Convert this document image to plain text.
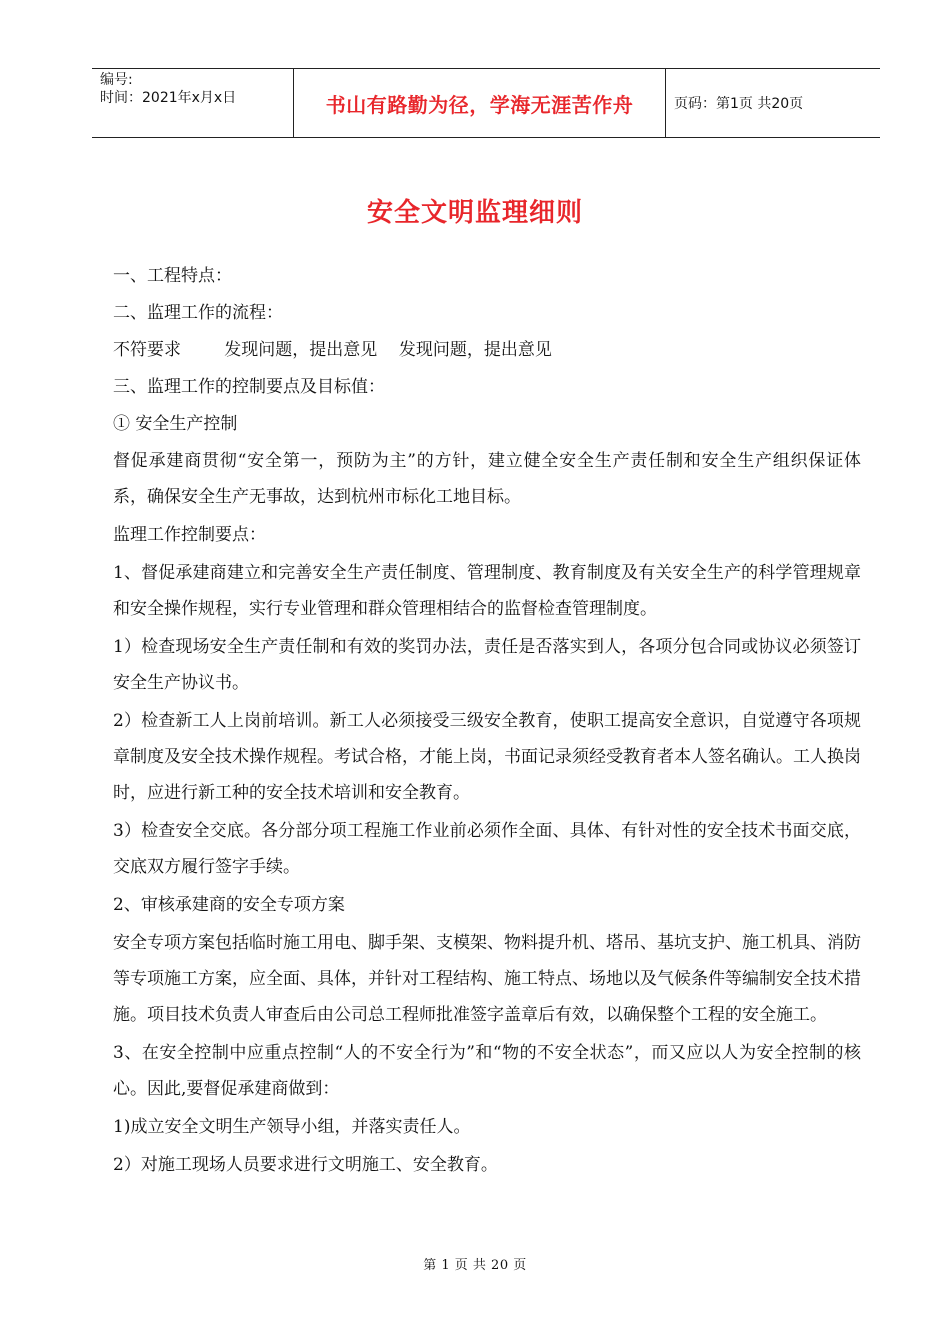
编号:
时间：2021年x月x日	书山有路勤为径，学海无涯苦作舟	页码：第1页 共20页
安全文明监理细则

一、工程特点：

二、监理工作的流程：

不符要求        发现问题，提出意见    发现问题，提出意见

三、监理工作的控制要点及目标值：

① 安全生产控制

督促承建商贯彻“安全第一，预防为主”的方针，建立健全安全生产责任制和安全生产组织保证体系，确保安全生产无事故，达到杭州市标化工地目标。

监理工作控制要点：

1、督促承建商建立和完善安全生产责任制度、管理制度、教育制度及有关安全生产的科学管理规章和安全操作规程，实行专业管理和群众管理相结合的监督检查管理制度。

1）检查现场安全生产责任制和有效的奖罚办法，责任是否落实到人，各项分包合同或协议必须签订安全生产协议书。

2）检查新工人上岗前培训。新工人必须接受三级安全教育，使职工提高安全意识，自觉遵守各项规章制度及安全技术操作规程。考试合格，才能上岗，书面记录须经受教育者本人签名确认。工人换岗时，应进行新工种的安全技术培训和安全教育。

3）检查安全交底。各分部分项工程施工作业前必须作全面、具体、有针对性的安全技术书面交底，交底双方履行签字手续。

2、审核承建商的安全专项方案

安全专项方案包括临时施工用电、脚手架、支模架、物料提升机、塔吊、基坑支护、施工机具、消防等专项施工方案，应全面、具体，并针对工程结构、施工特点、场地以及气候条件等编制安全技术措施。项目技术负责人审查后由公司总工程师批准签字盖章后有效，以确保整个工程的安全施工。

3、在安全控制中应重点控制“人的不安全行为”和“物的不安全状态”，而又应以人为安全控制的核心。因此,要督促承建商做到：

1)成立安全文明生产领导小组，并落实责任人。

2）对施工现场人员要求进行文明施工、安全教育。

第 1 页 共 20 页
